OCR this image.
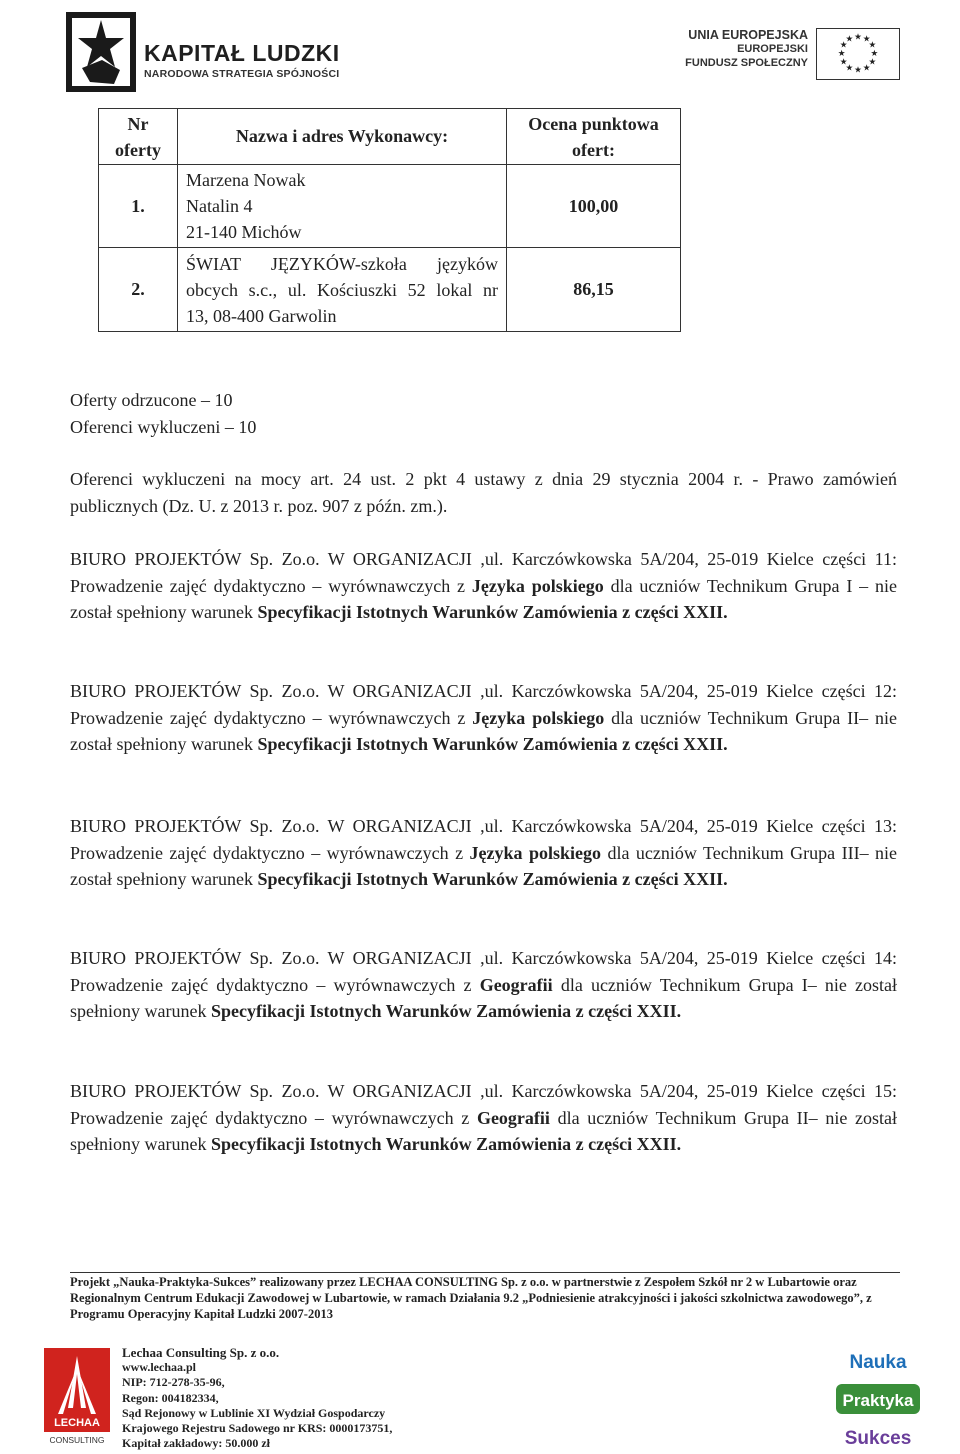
KAPITAŁ LUDZKI
NARODOWA STRATEGIA SPÓJNOŚCI
UNIA EUROPEJSKA
EUROPEJSKI
FUNDUSZ SPOŁECZNY
★ ★
★
★
★
★
★
★
★
★
★
★
Nr
oferty	Nazwa i adres Wykonawcy:	Ocena punktowa
ofert:

1.	Marzena Nowak
Natalin 4
21-140 Michów	100,00
2.	ŚWIAT JĘZYKÓW-szkoła języków
obcych s.c., ul. Kościuszki 52 lokal nr
13, 08-400 Garwolin	86,15
Oferty odrzucone – 10
Oferenci wykluczeni – 10
Oferenci wykluczeni na mocy art. 24 ust. 2 pkt 4 ustawy z dnia 29 stycznia 2004 r. - Prawo zamówień publicznych (Dz. U. z 2013 r. poz. 907 z późn. zm.).
BIURO PROJEKTÓW Sp. Zo.o. W ORGANIZACJI ,ul. Karczówkowska 5A/204, 25-019 Kielce części 11: Prowadzenie zajęć dydaktyczno – wyrównawczych z Języka polskiego dla uczniów Technikum Grupa I – nie został spełniony warunek Specyfikacji Istotnych Warunków Zamówienia z części XXII.
BIURO PROJEKTÓW Sp. Zo.o. W ORGANIZACJI ,ul. Karczówkowska 5A/204, 25-019 Kielce części 12: Prowadzenie zajęć dydaktyczno – wyrównawczych z Języka polskiego dla uczniów Technikum Grupa II– nie został spełniony warunek Specyfikacji Istotnych Warunków Zamówienia z części XXII.
BIURO PROJEKTÓW Sp. Zo.o. W ORGANIZACJI ,ul. Karczówkowska 5A/204, 25-019 Kielce części 13: Prowadzenie zajęć dydaktyczno – wyrównawczych z Języka polskiego dla uczniów Technikum Grupa III– nie został spełniony warunek Specyfikacji Istotnych Warunków Zamówienia z części XXII.
BIURO PROJEKTÓW Sp. Zo.o. W ORGANIZACJI ,ul. Karczówkowska 5A/204, 25-019 Kielce części 14: Prowadzenie zajęć dydaktyczno – wyrównawczych z Geografii dla uczniów Technikum Grupa I– nie został spełniony warunek Specyfikacji Istotnych Warunków Zamówienia z części XXII.
BIURO PROJEKTÓW Sp. Zo.o. W ORGANIZACJI ,ul. Karczówkowska 5A/204, 25-019 Kielce części 15: Prowadzenie zajęć dydaktyczno – wyrównawczych z Geografii dla uczniów Technikum Grupa II– nie został spełniony warunek Specyfikacji Istotnych Warunków Zamówienia z części XXII.
Projekt „Nauka-Praktyka-Sukces” realizowany przez LECHAA CONSULTING Sp. z o.o. w partnerstwie z Zespołem Szkół nr 2 w Lubartowie oraz Regionalnym Centrum Edukacji Zawodowej w Lubartowie, w ramach Działania 9.2 „Podniesienie atrakcyjności i jakości szkolnictwa zawodowego”, z Programu Operacyjny Kapitał Ludzki 2007-2013
LECHAA
CONSULTING
Lechaa Consulting Sp. z o.o.
www.lechaa.pl
NIP: 712-278-35-96,
Regon: 004182334,
Sąd Rejonowy w Lublinie XI Wydział Gospodarczy
Krajowego Rejestru Sadowego nr KRS: 0000173751,
Kapitał zakładowy: 50.000 zł
Nauka
Praktyka
Sukces
